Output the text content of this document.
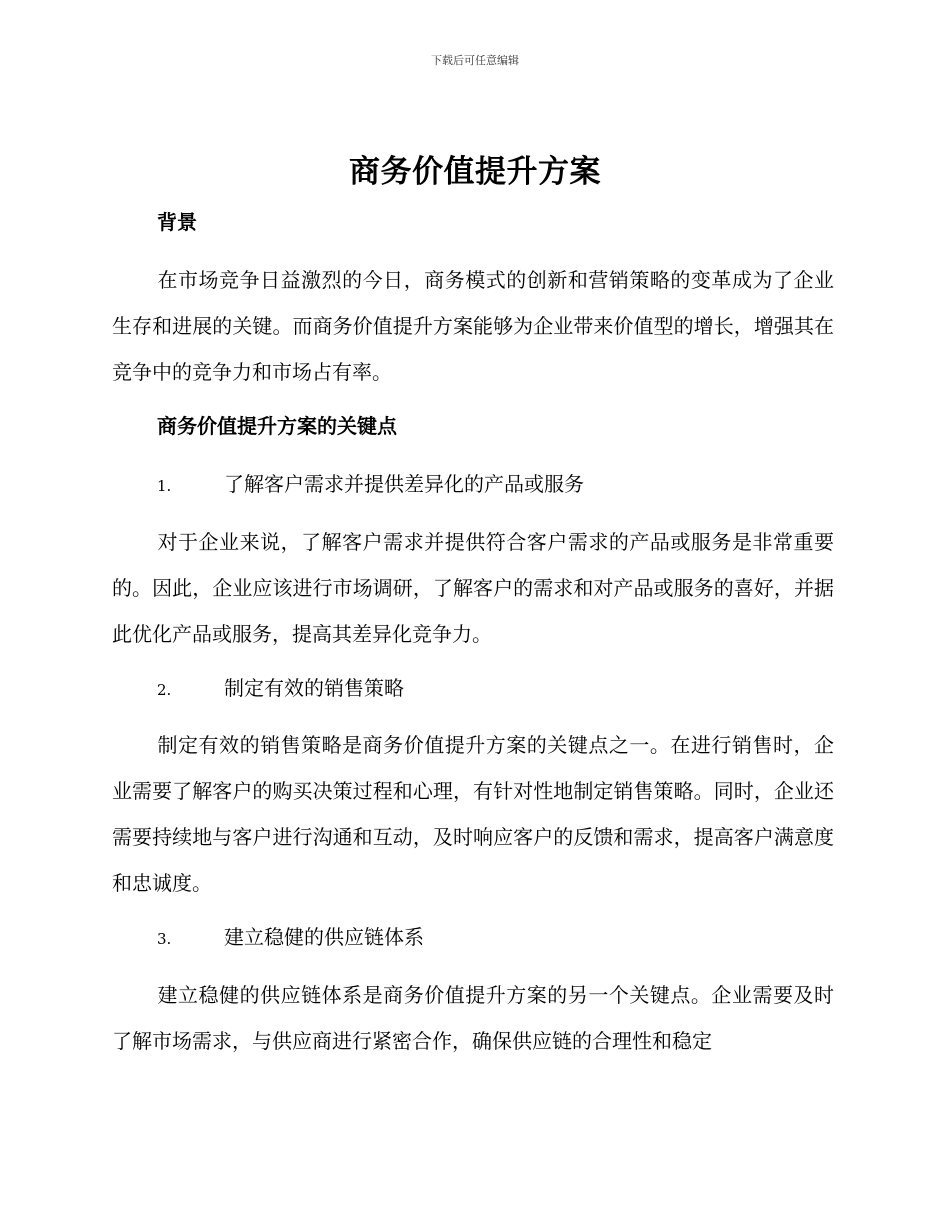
下载后可任意编辑
商务价值提升方案
背景
在市场竞争日益激烈的今日，商务模式的创新和营销策略的变革成为了企业生存和进展的关键。而商务价值提升方案能够为企业带来价值型的增长，增强其在竞争中的竞争力和市场占有率。
商务价值提升方案的关键点
1.	了解客户需求并提供差异化的产品或服务
对于企业来说，了解客户需求并提供符合客户需求的产品或服务是非常重要的。因此，企业应该进行市场调研，了解客户的需求和对产品或服务的喜好，并据此优化产品或服务，提高其差异化竞争力。
2.	制定有效的销售策略
制定有效的销售策略是商务价值提升方案的关键点之一。在进行销售时，企业需要了解客户的购买决策过程和心理，有针对性地制定销售策略。同时，企业还需要持续地与客户进行沟通和互动，及时响应客户的反馈和需求，提高客户满意度和忠诚度。
3.	建立稳健的供应链体系
建立稳健的供应链体系是商务价值提升方案的另一个关键点。企业需要及时了解市场需求，与供应商进行紧密合作，确保供应链的合理性和稳定
